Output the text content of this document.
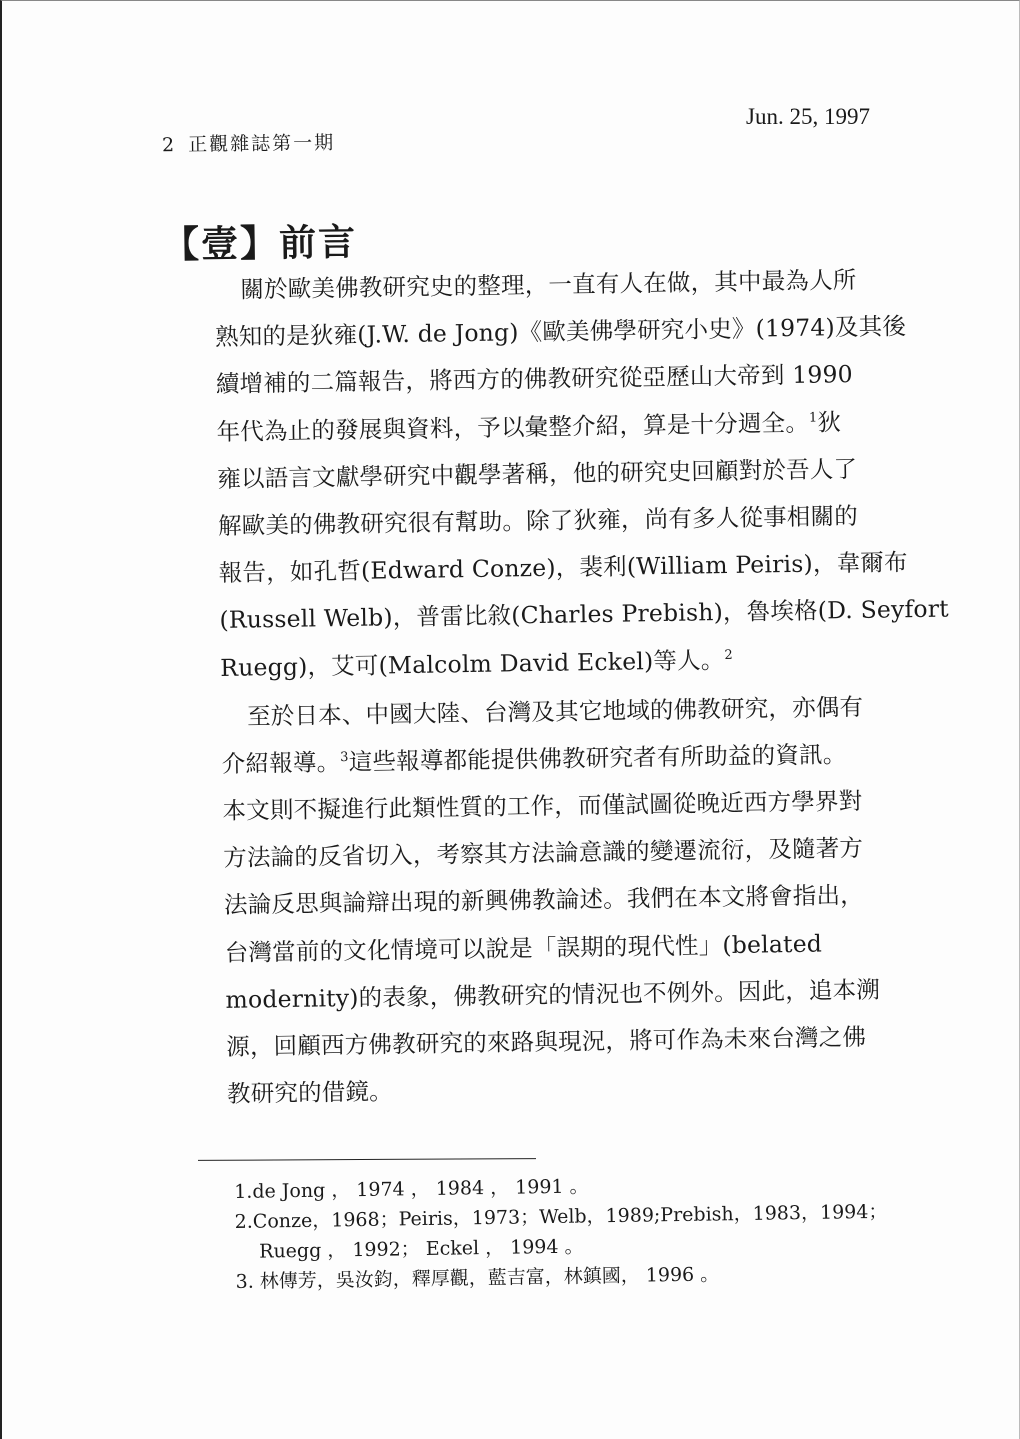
2 正觀雜誌第一期
Jun. 25, 1997
【壹】前言
關於歐美佛教研究史的整理，一直有人在做，其中最為人所
熟知的是狄雍(J.W. de Jong)《歐美佛學研究小史》(1974)及其後
續增補的二篇報告，將西方的佛教研究從亞歷山大帝到 1990
年代為止的發展與資料，予以彙整介紹，算是十分週全。$^1$狄
雍以語言文獻學研究中觀學著稱，他的研究史回顧對於吾人了
解歐美的佛教研究很有幫助。除了狄雍，尚有多人從事相關的
報告，如孔哲(Edward Conze)，裴利(William Peiris)，韋爾布
(Russell Welb)，普雷比敘(Charles Prebish)，魯埃格(D. Seyfort
Ruegg)，艾可(Malcolm David Eckel)等人。$^2$
至於日本、中國大陸、台灣及其它地域的佛教研究，亦偶有
介紹報導。$^3$這些報導都能提供佛教研究者有所助益的資訊。
本文則不擬進行此類性質的工作，而僅試圖從晚近西方學界對
方法論的反省切入，考察其方法論意識的變遷流衍，及隨著方
法論反思與論辯出現的新興佛教論述。我們在本文將會指出，
台灣當前的文化情境可以說是「誤期的現代性」(belated
modernity)的表象，佛教研究的情況也不例外。因此，追本溯
源，回顧西方佛教研究的來路與現況，將可作為未來台灣之佛
教研究的借鏡。
1.de Jong ， 1974 ， 1984 ， 1991 。
2.Conze，1968；Peiris，1973；Welb，1989;Prebish，1983，1994；
Ruegg ， 1992； Eckel ， 1994 。
3. 林傳芳，吳汝鈞，釋厚觀，藍吉富，林鎮國， 1996 。
